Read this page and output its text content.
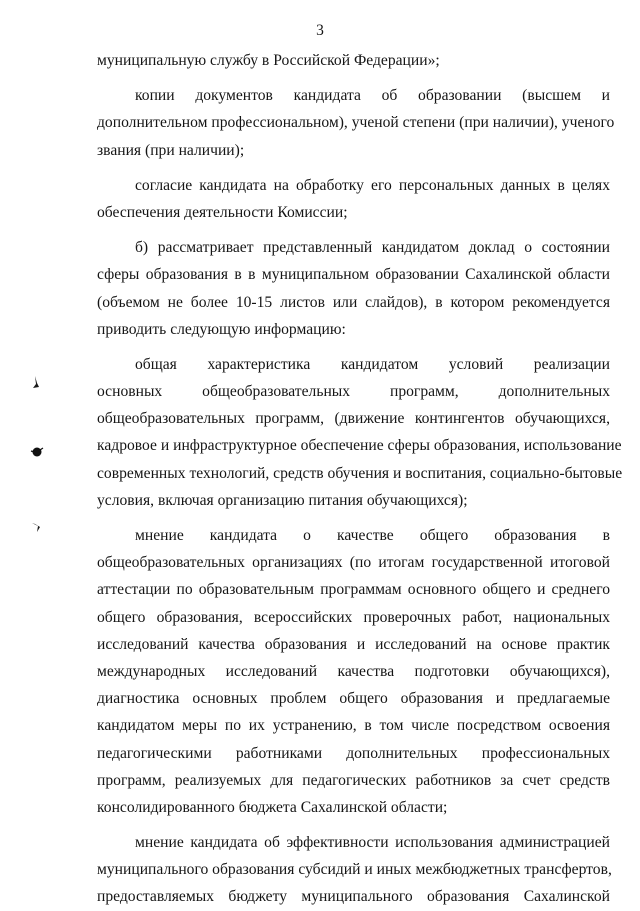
3
муниципальную службу в Российской Федерации»;
копии документов кандидата об образовании (высшем и
дополнительном профессиональном), ученой степени (при наличии), ученого
звания (при наличии);
согласие кандидата на обработку его персональных данных в целях
обеспечения деятельности Комиссии;
б) рассматривает представленный кандидатом доклад о состоянии
сферы образования в в муниципальном образовании Сахалинской области
(объемом не более 10-15 листов или слайдов), в котором рекомендуется
приводить следующую информацию:
общая характеристика кандидатом условий реализации
основных общеобразовательных программ, дополнительных
общеобразовательных программ, (движение контингентов обучающихся,
кадровое и инфраструктурное обеспечение сферы образования, использование
современных технологий, средств обучения и воспитания, социально-бытовые
условия, включая организацию питания обучающихся);
мнение кандидата о качестве общего образования в
общеобразовательных организациях (по итогам государственной итоговой
аттестации по образовательным программам основного общего и среднего
общего образования, всероссийских проверочных работ, национальных
исследований качества образования и исследований на основе практик
международных исследований качества подготовки обучающихся),
диагностика основных проблем общего образования и предлагаемые
кандидатом меры по их устранению, в том числе посредством освоения
педагогическими работниками дополнительных профессиональных
программ, реализуемых для педагогических работников за счет средств
консолидированного бюджета Сахалинской области;
мнение кандидата об эффективности использования администрацией
муниципального образования субсидий и иных межбюджетных трансфертов,
предоставляемых бюджету муниципального образования Сахалинской
